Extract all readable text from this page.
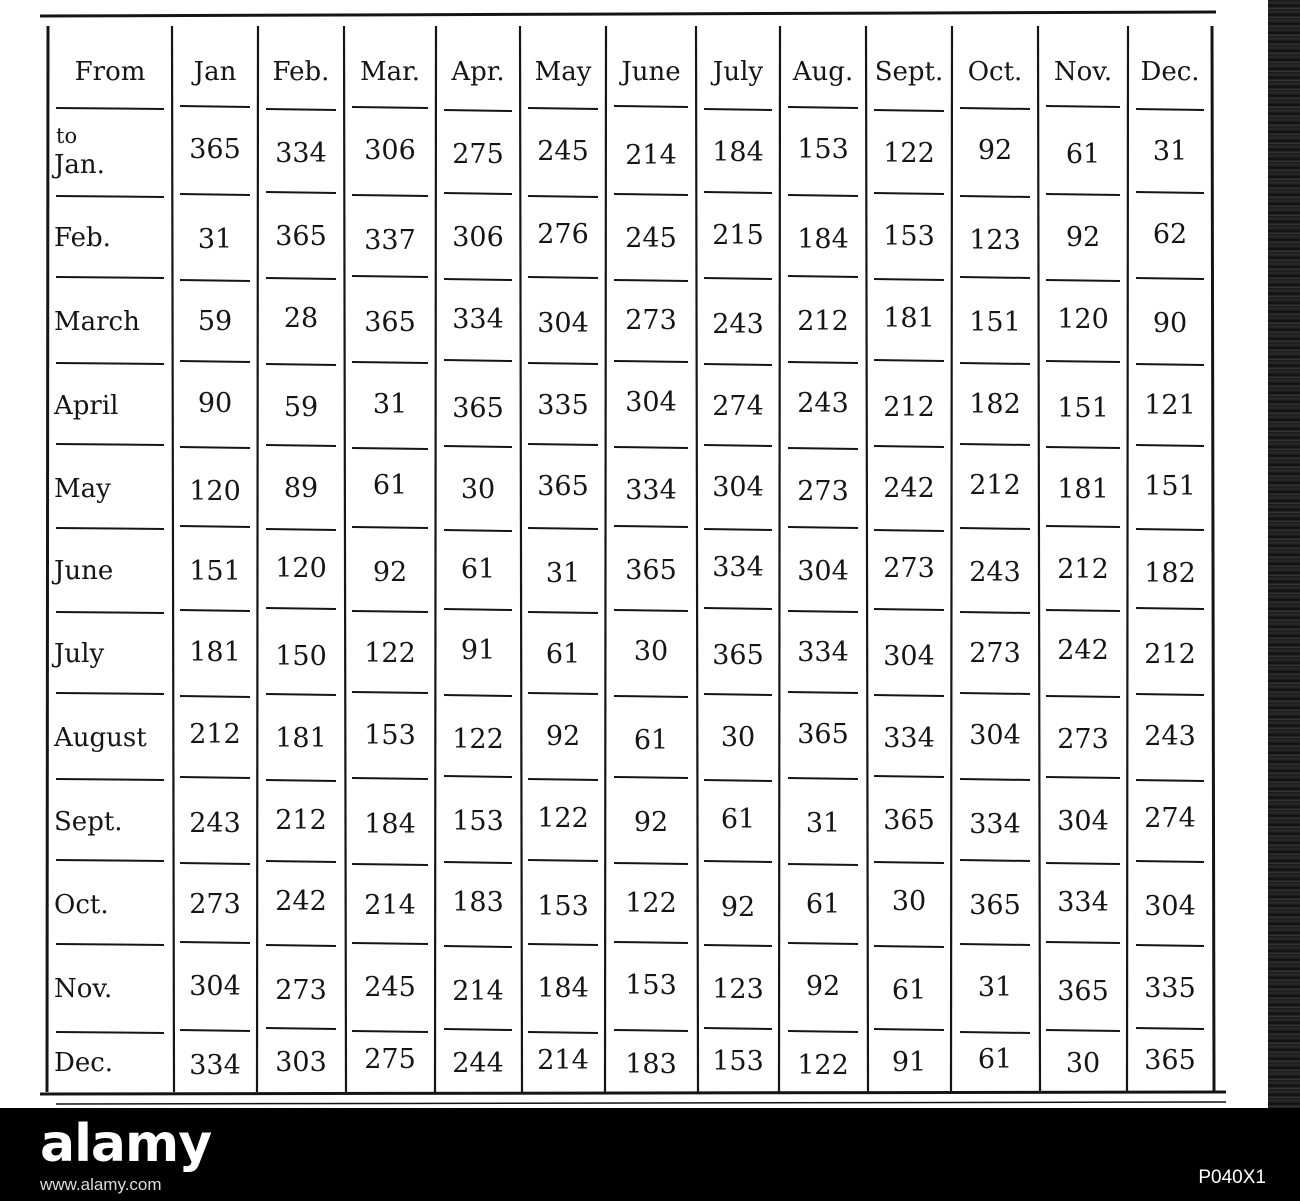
From Jan Feb. Mar. Apr. May June July Aug. Sept. Oct. Nov. Dec.
to
Jan.	365 334 306 275 245 214 184 153 122 92 61 31
Feb.	31 365 337 306 276 245 215 184 153 123 92 62
March 59 28 365 334 304 273 243 212 181 151 120 90
April	90 59 31 365 335 304 274 243 212 182 151 121
May	120 89 61 30 365 334 304 273 242 212 181 151
June	151 120 92 61 31 365 334 304 273 243 212 182
July	181 150 122 91 61 30 365 334 304 273 242 212
August 212 181 153 122 92 61 30 365 334 304 273 243
Sept. 243 212 184 153 122 92 61 31 365 334 304 274
Oct.	273 242 214 183 153 122 92 61 30 365 334 304
Nov.	304 273 245 214 184 153 123 92 61 31 365 335
Dec.	334 303 275 244 214 183 153 122 91 61 30 365
alamy
www.alamy.com	P040X1
